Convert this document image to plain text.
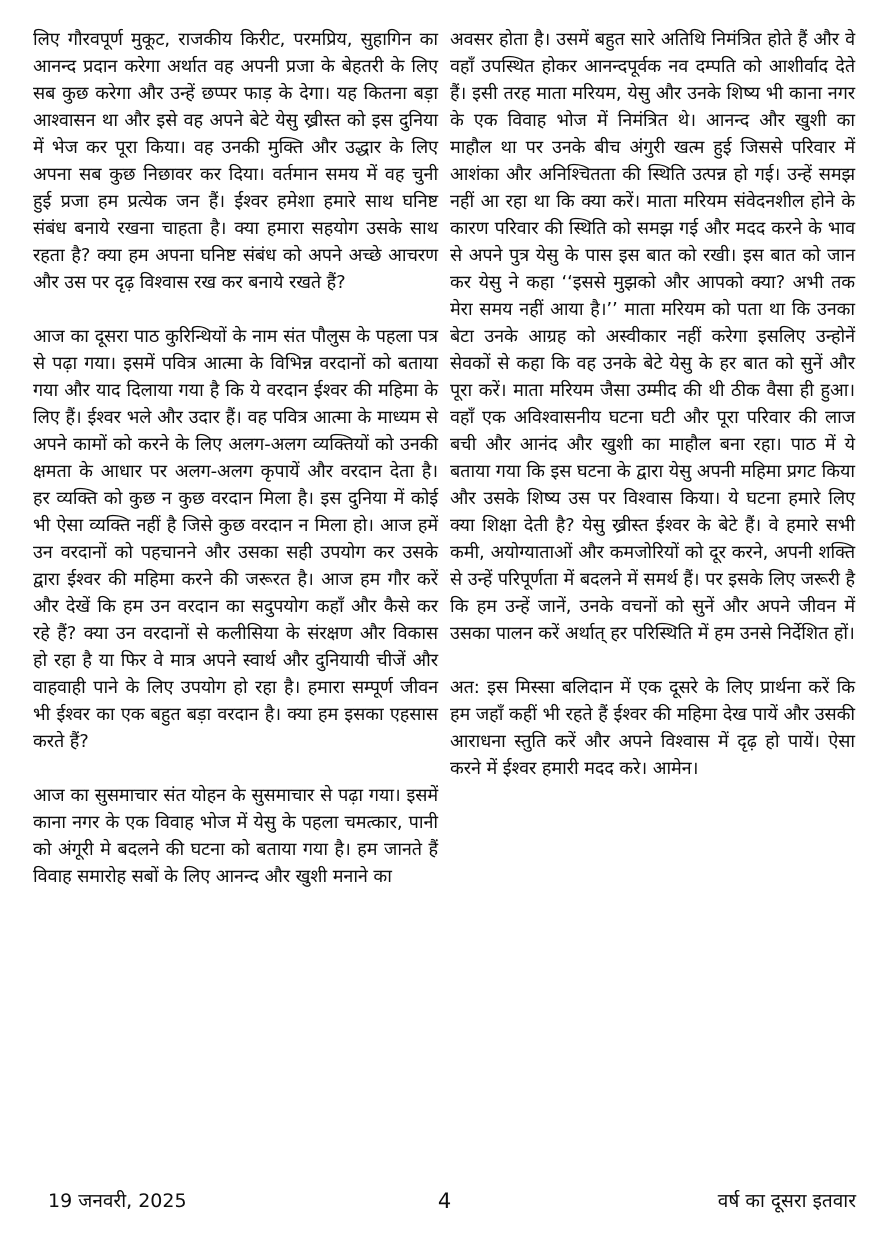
लिए गौरवपूर्ण मुकूट, राजकीय किरीट, परमप्रिय, सुहागिन का आनन्द प्रदान करेगा अर्थात वह अपनी प्रजा के बेहतरी के लिए सब कुछ करेगा और उन्हें छप्पर फाड़ के देगा। यह कितना बड़ा आश्वासन था और इसे वह अपने बेटे येसु ख्रीस्त को इस दुनिया में भेज कर पूरा किया। वह उनकी मुक्ति और उद्धार के लिए अपना सब कुछ निछावर कर दिया। वर्तमान समय में वह चुनी हुई प्रजा हम प्रत्येक जन हैं। ईश्वर हमेशा हमारे साथ घनिष्ट संबंध बनाये रखना चाहता है। क्या हमारा सहयोग उसके साथ रहता है? क्या हम अपना घनिष्ट संबंध को अपने अच्छे आचरण और उस पर दृढ़ विश्वास रख कर बनाये रखते हैं?

आज का दूसरा पाठ कुरिन्थियों के नाम संत पौलुस के पहला पत्र से पढ़ा गया। इसमें पवित्र आत्मा के विभिन्न वरदानों को बताया गया और याद दिलाया गया है कि ये वरदान ईश्वर की महिमा के लिए हैं। ईश्वर भले और उदार हैं। वह पवित्र आत्मा के माध्यम से अपने कामों को करने के लिए अलग-अलग व्यक्तियों को उनकी क्षमता के आधार पर अलग-अलग कृपायें और वरदान देता है। हर व्यक्ति को कुछ न कुछ वरदान मिला है। इस दुनिया में कोई भी ऐसा व्यक्ति नहीं है जिसे कुछ वरदान न मिला हो। आज हमें उन वरदानों को पहचानने और उसका सही उपयोग कर उसके द्वारा ईश्वर की महिमा करने की जरूरत है। आज हम गौर करें और देखें कि हम उन वरदान का सदुपयोग कहाँ और कैसे कर रहे हैं? क्या उन वरदानों से कलीसिया के संरक्षण और विकास हो रहा है या फिर वे मात्र अपने स्वार्थ और दुनियायी चीजें और वाहवाही पाने के लिए उपयोग हो रहा है। हमारा सम्पूर्ण जीवन भी ईश्वर का एक बहुत बड़ा वरदान है। क्या हम इसका एहसास करते हैं?

आज का सुसमाचार संत योहन के सुसमाचार से पढ़ा गया। इसमें काना नगर के एक विवाह भोज में येसु के पहला चमत्कार, पानी को अंगूरी मे बदलने की घटना को बताया गया है। हम जानते हैं विवाह समारोह सबों के लिए आनन्द और खुशी मनाने का

अवसर होता है। उसमें बहुत सारे अतिथि निमंत्रित होते हैं और वे वहाँ उपस्थित होकर आनन्दपूर्वक नव दम्पति को आशीर्वाद देते हैं। इसी तरह माता मरियम, येसु और उनके शिष्य भी काना नगर के एक विवाह भोज में निमंत्रित थे। आनन्द और खुशी का माहौल था पर उनके बीच अंगुरी खत्म हुई जिससे परिवार में आशंका और अनिश्चितता की स्थिति उत्पन्न हो गई। उन्हें समझ नहीं आ रहा था कि क्या करें। माता मरियम संवेदनशील होने के कारण परिवार की स्थिति को समझ गई और मदद करने के भाव से अपने पुत्र येसु के पास इस बात को रखी। इस बात को जान कर येसु ने कहा ‘‘इससे मुझको और आपको क्या? अभी तक मेरा समय नहीं आया है।’’ माता मरियम को पता था कि उनका बेटा उनके आग्रह को अस्वीकार नहीं करेगा इसलिए उन्होनें सेवकों से कहा कि वह उनके बेटे येसु के हर बात को सुनें और पूरा करें। माता मरियम जैसा उम्मीद की थी ठीक वैसा ही हुआ। वहाँ एक अविश्वासनीय घटना घटी और पूरा परिवार की लाज बची और आनंद और खुशी का माहौल बना रहा। पाठ में ये बताया गया कि इस घटना के द्वारा येसु अपनी महिमा प्रगट किया और उसके शिष्य उस पर विश्वास किया। ये घटना हमारे लिए क्या शिक्षा देती है? येसु ख्रीस्त ईश्वर के बेटे हैं। वे हमारे सभी कमी, अयोग्याताओं और कमजोरियों को दूर करने, अपनी शक्ति से उन्हें परिपूर्णता में बदलने में समर्थ हैं। पर इसके लिए जरूरी है कि हम उन्हें जानें, उनके वचनों को सुनें और अपने जीवन में उसका पालन करें अर्थात् हर परिस्थिति में हम उनसे निर्देशित हों।

अत: इस मिस्सा बलिदान में एक दूसरे के लिए प्रार्थना करें कि हम जहाँ कहीं भी रहते हैं ईश्वर की महिमा देख पायें और उसकी आराधना स्तुति करें और अपने विश्वास में दृढ़ हो पायें। ऐसा करने में ईश्वर हमारी मदद करे। आमेन।

19 जनवरी, 2025	4	वर्ष का दूसरा इतवार
